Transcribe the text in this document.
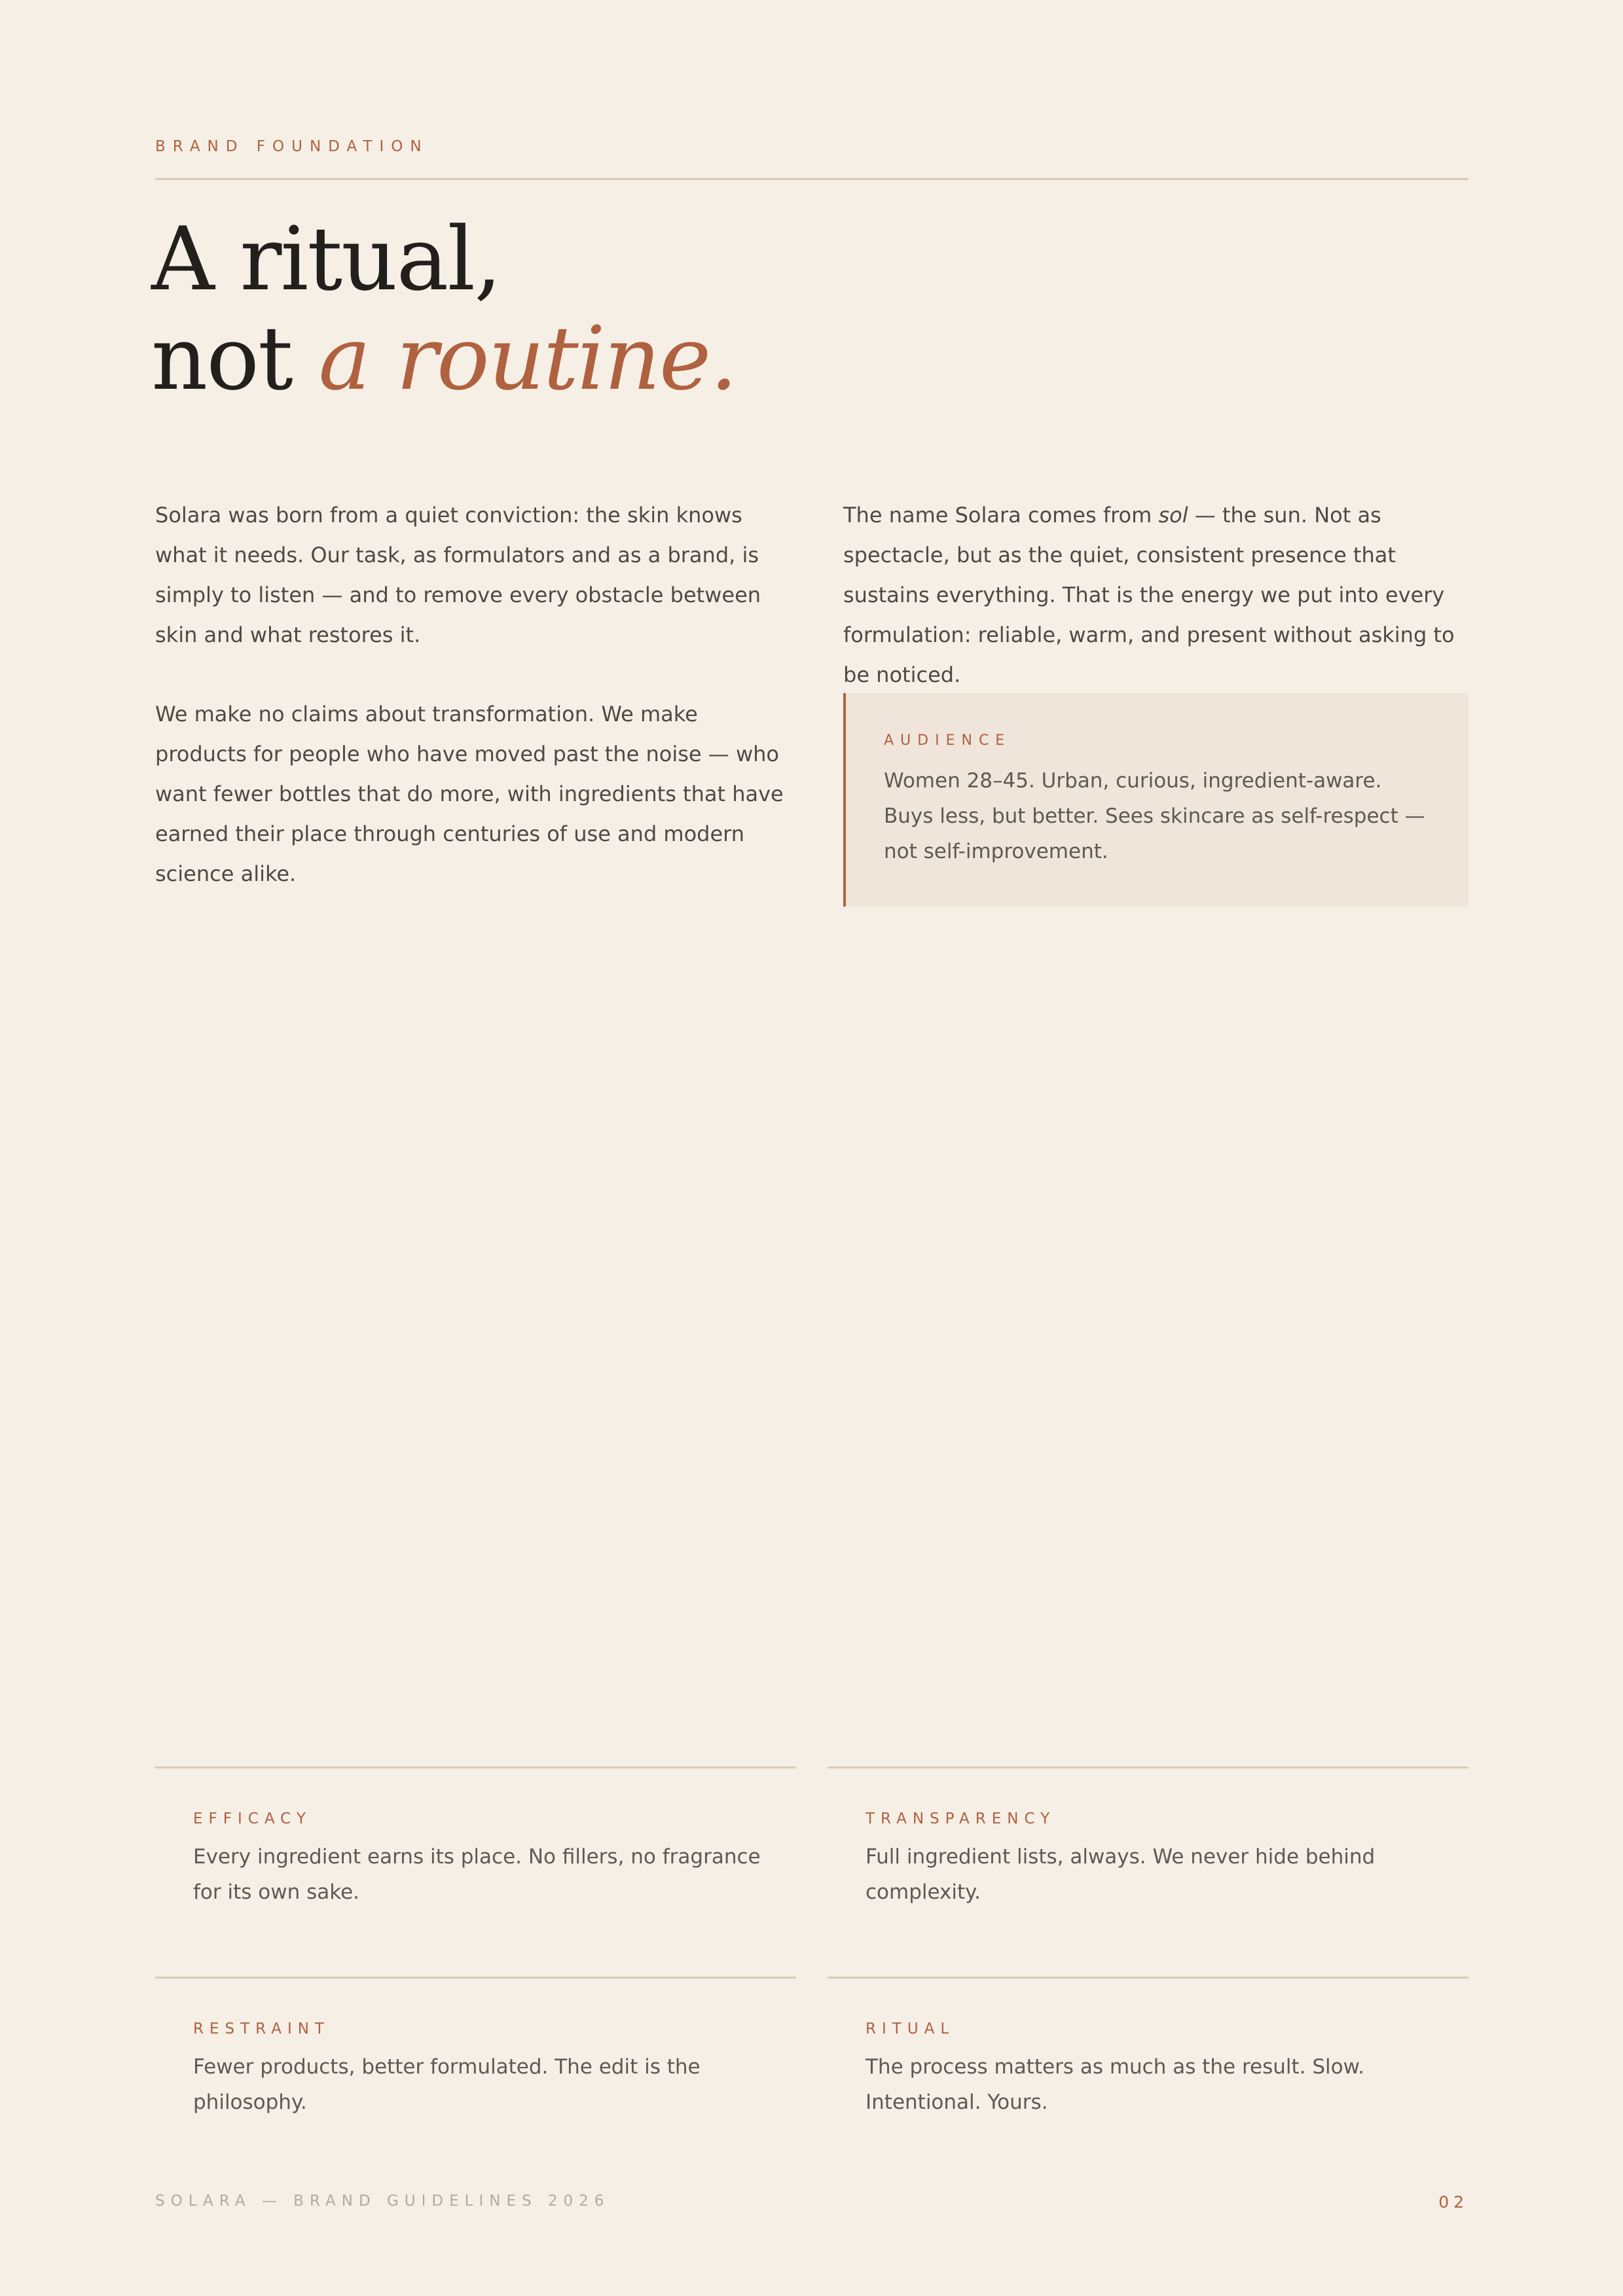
BRAND FOUNDATION
A ritual,
not a routine.

Solara was born from a quiet conviction: the skin knows what it needs. Our task, as formulators and as a brand, is simply to listen — and to remove every obstacle between skin and what restores it.

We make no claims about transformation. We make products for people who have moved past the noise — who want fewer bottles that do more, with ingredients that have earned their place through centuries of use and modern science alike.

The name Solara comes from sol — the sun. Not as spectacle, but as the quiet, consistent presence that sustains everything. That is the energy we put into every formulation: reliable, warm, and present without asking to be noticed.

AUDIENCE

Women 28–45. Urban, curious, ingredient-aware. Buys less, but better. Sees skincare as self-respect — not self-improvement.

EFFICACY

Every ingredient earns its place. No fillers, no fragrance for its own sake.

TRANSPARENCY

Full ingredient lists, always. We never hide behind complexity.

RESTRAINT

Fewer products, better formulated. The edit is the philosophy.

RITUAL

The process matters as much as the result. Slow. Intentional. Yours.

SOLARA — BRAND GUIDELINES 2026	02
